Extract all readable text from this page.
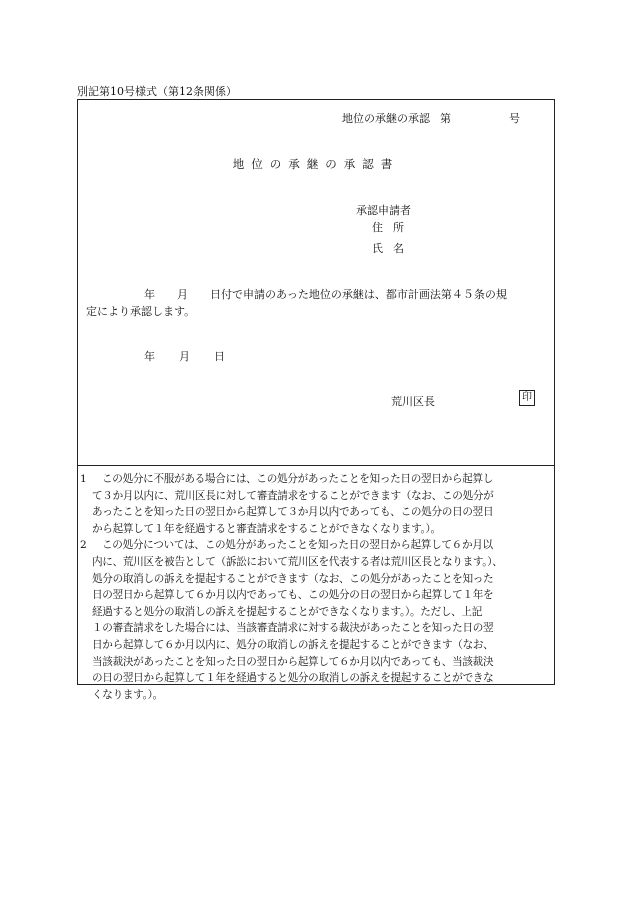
別記第10号様式（第12条関係）
地位の承継の承認 第	号
地位の承継の承認書
承認申請者
住所
氏名
年 月 日付で申請のあった地位の承継は、都市計画法第４５条の規
定により承認します。
年 月 日
荒川区長	印
1	この処分に不服がある場合には、この処分があったことを知った日の翌日から起算し
て３か月以内に、荒川区長に対して審査請求をすることができます（なお、この処分が
あったことを知った日の翌日から起算して３か月以内であっても、この処分の日の翌日
から起算して１年を経過すると審査請求をすることができなくなります。）。
2	この処分については、この処分があったことを知った日の翌日から起算して６か月以
内に、荒川区を被告として（訴訟において荒川区を代表する者は荒川区長となります。）、
処分の取消しの訴えを提起することができます（なお、この処分があったことを知った
日の翌日から起算して６か月以内であっても、この処分の日の翌日から起算して１年を
経過すると処分の取消しの訴えを提起することができなくなります。）。ただし、上記
１の審査請求をした場合には、当該審査請求に対する裁決があったことを知った日の翌
日から起算して６か月以内に、処分の取消しの訴えを提起することができます（なお、
当該裁決があったことを知った日の翌日から起算して６か月以内であっても、当該裁決
の日の翌日から起算して１年を経過すると処分の取消しの訴えを提起することができな
くなります。）。
